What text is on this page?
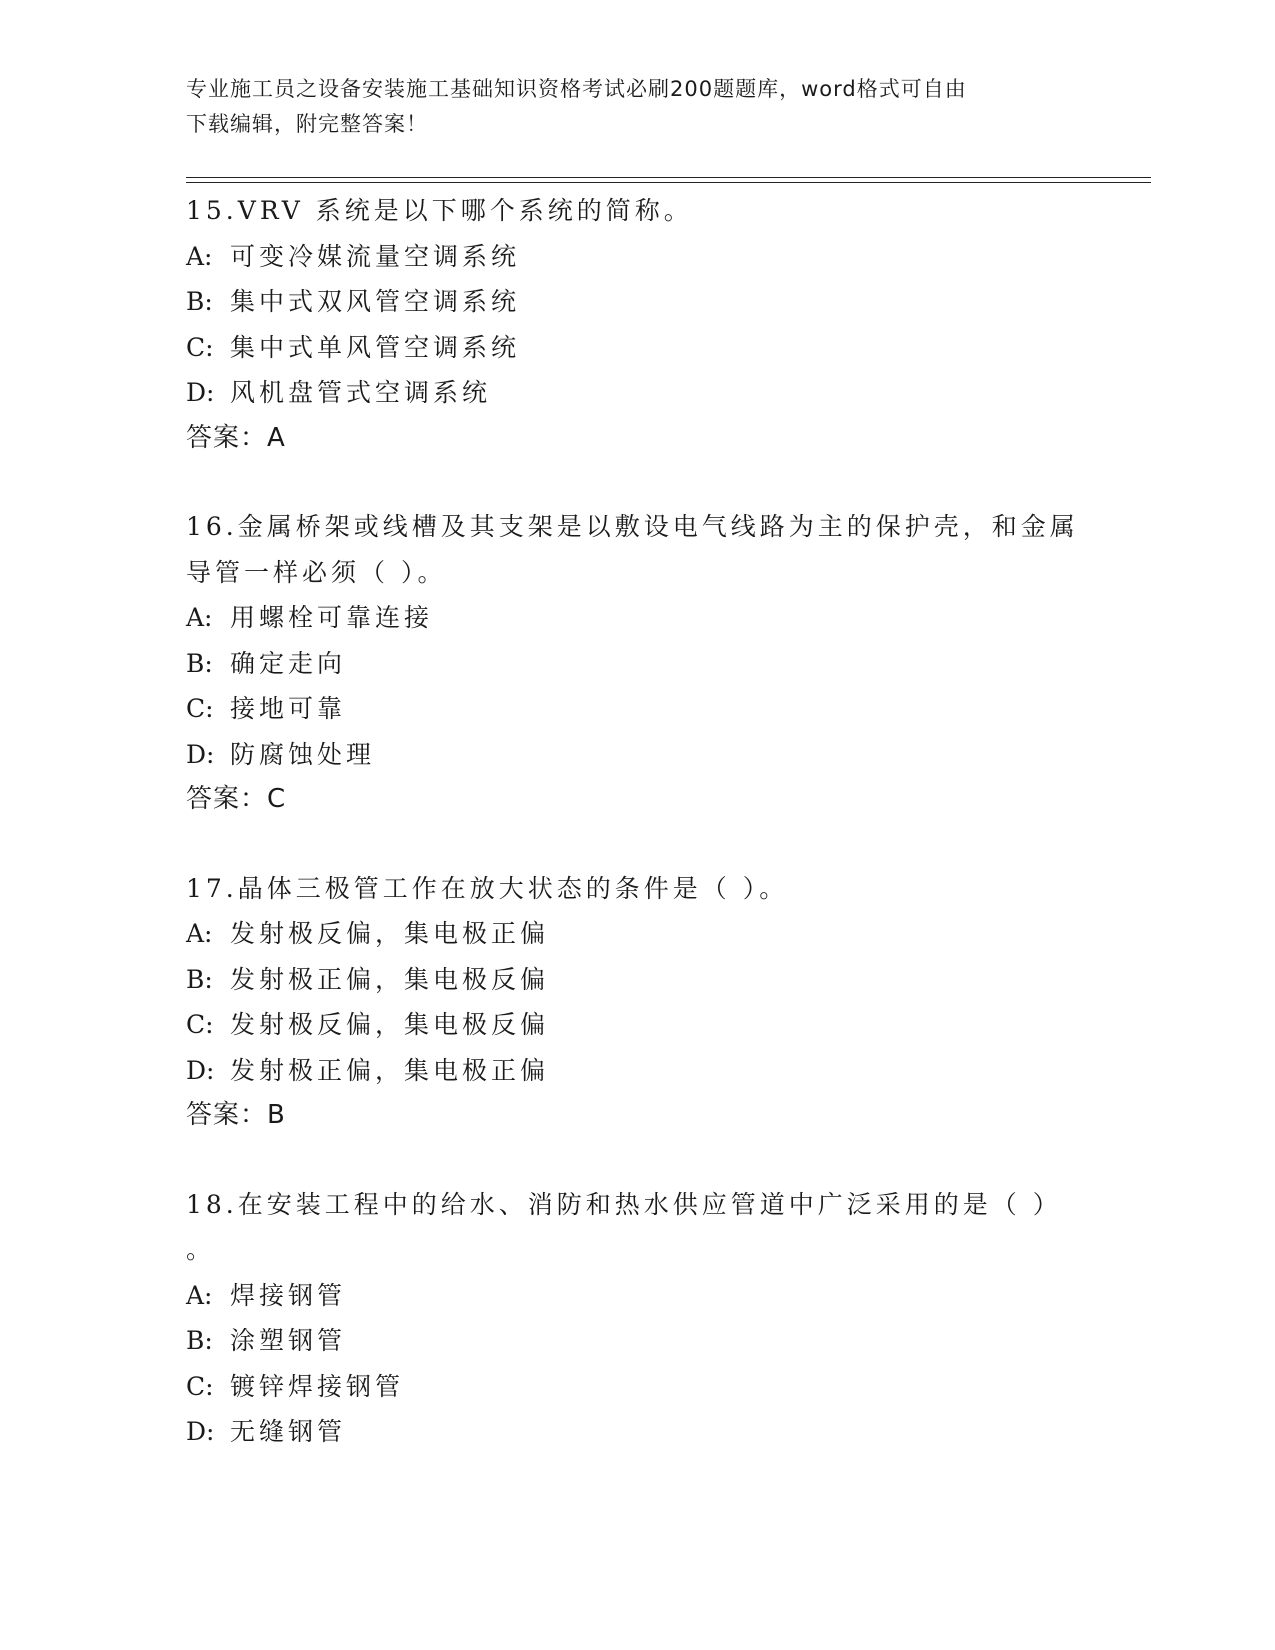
专业施工员之设备安装施工基础知识资格考试必刷200题题库，word格式可自由
下载编辑，附完整答案！
15.VRV 系统是以下哪个系统的简称。
A: 可变冷媒流量空调系统
B: 集中式双风管空调系统
C: 集中式单风管空调系统
D: 风机盘管式空调系统
答案：A
16.金属桥架或线槽及其支架是以敷设电气线路为主的保护壳，和金属
导管一样必须（ ）。
A: 用螺栓可靠连接
B: 确定走向
C: 接地可靠
D: 防腐蚀处理
答案：C
17.晶体三极管工作在放大状态的条件是（ ）。
A: 发射极反偏，集电极正偏
B: 发射极正偏，集电极反偏
C: 发射极反偏，集电极反偏
D: 发射极正偏，集电极正偏
答案：B
18.在安装工程中的给水、消防和热水供应管道中广泛采用的是（ ）
。
A: 焊接钢管
B: 涂塑钢管
C: 镀锌焊接钢管
D: 无缝钢管
